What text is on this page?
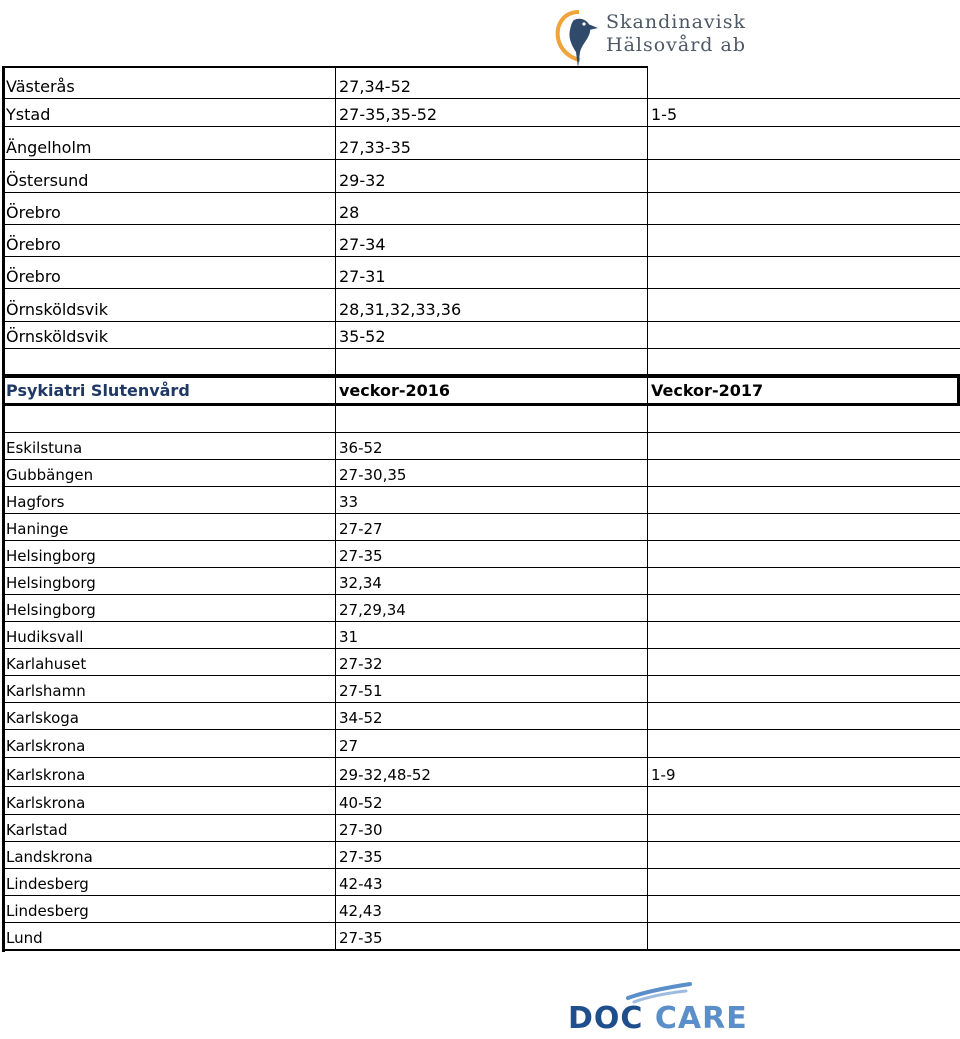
Skandinavisk
Hälsovård ab
Västerås	27,34-52
Ystad	27-35,35-52	1-5
Ängelholm	27,33-35
Östersund	29-32
Örebro	28
Örebro	27-34
Örebro	27-31
Örnsköldsvik	28,31,32,33,36
Örnsköldsvik	35-52
Psykiatri Slutenvård	veckor-2016	Veckor-2017
Eskilstuna	36-52
Gubbängen	27-30,35
Hagfors	33
Haninge	27-27
Helsingborg	27-35
Helsingborg	32,34
Helsingborg	27,29,34
Hudiksvall	31
Karlahuset	27-32
Karlshamn	27-51
Karlskoga	34-52
Karlskrona	27
Karlskrona	29-32,48-52	1-9
Karlskrona	40-52
Karlstad	27-30
Landskrona	27-35
Lindesberg	42-43
Lindesberg	42,43
Lund	27-35
DOC CARE
